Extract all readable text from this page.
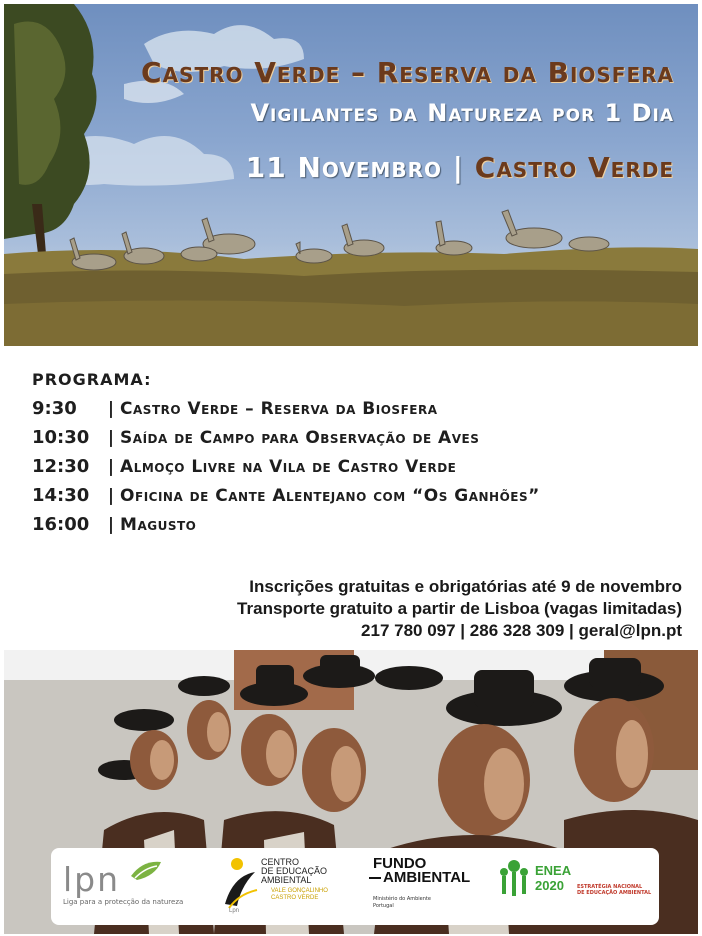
Castro Verde – Reserva da Biosfera
Vigilantes da Natureza por 1 Dia
11 Novembro | Castro Verde
PROGRAMA:
9:30 | Castro Verde – Reserva da Biosfera
10:30 | Saída de Campo para Observação de Aves
12:30 | Almoço Livre na Vila de Castro Verde
14:30 | Oficina de Cante Alentejano com “Os Ganhões”
16:00 | Magusto
Inscrições gratuitas e obrigatórias até 9 de novembro
Transporte gratuito a partir de Lisboa (vagas limitadas)
217 780 097 | 286 328 309 | geral@lpn.pt
lpn
Liga para a protecção da natureza
Lpn
CENTRO
DE EDUCAÇÃO
AMBIENTAL
VALE GONÇALINHO
CASTRO VERDE
FUNDO
AMBIENTAL
Ministério do Ambiente
Portugal
ENEA
2020	ESTRATÉGIA NACIONAL
DE EDUCAÇÃO AMBIENTAL
